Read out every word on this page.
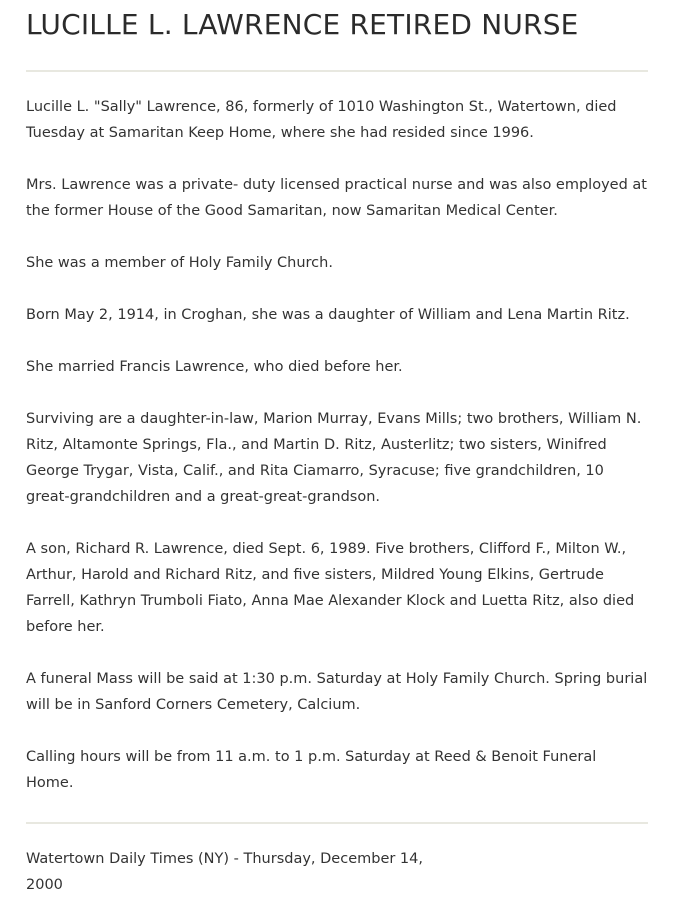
LUCILLE L. LAWRENCE RETIRED NURSE

Lucille L. "Sally" Lawrence, 86, formerly of 1010 Washington St., Watertown, died Tuesday at Samaritan Keep Home, where she had resided since 1996.

Mrs. Lawrence was a private- duty licensed practical nurse and was also employed at the former House of the Good Samaritan, now Samaritan Medical Center.

She was a member of Holy Family Church.

Born May 2, 1914, in Croghan, she was a daughter of William and Lena Martin Ritz.

She married Francis Lawrence, who died before her.

Surviving are a daughter-in-law, Marion Murray, Evans Mills; two brothers, William N. Ritz, Altamonte Springs, Fla., and Martin D. Ritz, Austerlitz; two sisters, Winifred George Trygar, Vista, Calif., and Rita Ciamarro, Syracuse; five grandchildren, 10 great-grandchildren and a great-great-grandson.

A son, Richard R. Lawrence, died Sept. 6, 1989. Five brothers, Clifford F., Milton W., Arthur, Harold and Richard Ritz, and five sisters, Mildred Young Elkins, Gertrude Farrell, Kathryn Trumboli Fiato, Anna Mae Alexander Klock and Luetta Ritz, also died before her.

A funeral Mass will be said at 1:30 p.m. Saturday at Holy Family Church. Spring burial will be in Sanford Corners Cemetery, Calcium.

Calling hours will be from 11 a.m. to 1 p.m. Saturday at Reed & Benoit Funeral Home.

Watertown Daily Times (NY) - Thursday, December 14, 2000
